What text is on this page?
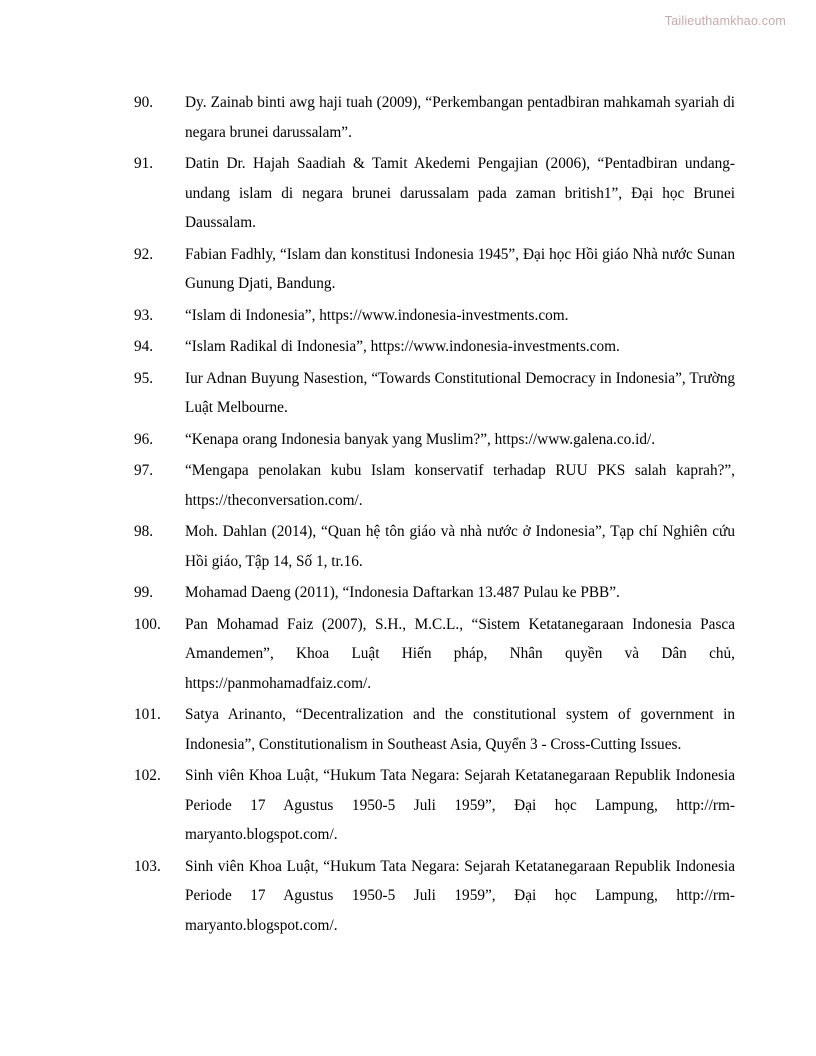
Tailieuthamkhao.com
90.	Dy. Zainab binti awg haji tuah (2009), “Perkembangan pentadbiran mahkamah syariah di negara brunei darussalam”.
91.	Datin Dr. Hajah Saadiah & Tamit Akedemi Pengajian (2006), “Pentadbiran undang-undang islam di negara brunei darussalam pada zaman british1”, Đại học Brunei Daussalam.
92.	Fabian Fadhly, “Islam dan konstitusi Indonesia 1945”, Đại học Hồi giáo Nhà nước Sunan Gunung Djati, Bandung.
93.	“Islam di Indonesia”, https://www.indonesia-investments.com.
94.	“Islam Radikal di Indonesia”, https://www.indonesia-investments.com.
95.	Iur Adnan Buyung Nasestion, “Towards Constitutional Democracy in Indonesia”, Trường Luật Melbourne.
96.	“Kenapa orang Indonesia banyak yang Muslim?”, https://www.galena.co.id/.
97.	“Mengapa penolakan kubu Islam konservatif terhadap RUU PKS salah kaprah?”, https://theconversation.com/.
98.	Moh. Dahlan (2014), “Quan hệ tôn giáo và nhà nước ở Indonesia”, Tạp chí Nghiên cứu Hồi giáo, Tập 14, Số 1, tr.16.
99.	Mohamad Daeng (2011), “Indonesia Daftarkan 13.487 Pulau ke PBB”.
100.	Pan Mohamad Faiz (2007), S.H., M.C.L., “Sistem Ketatanegaraan Indonesia Pasca Amandemen”, Khoa Luật Hiến pháp, Nhân quyền và Dân chủ, https://panmohamadfaiz.com/.
101.	Satya Arinanto, “Decentralization and the constitutional system of government in Indonesia”, Constitutionalism in Southeast Asia, Quyển 3 - Cross-Cutting Issues.
102.	Sinh viên Khoa Luật, “Hukum Tata Negara: Sejarah Ketatanegaraan Republik Indonesia Periode 17 Agustus 1950-5 Juli 1959”, Đại học Lampung, http://rm-maryanto.blogspot.com/.
103.	Sinh viên Khoa Luật, “Hukum Tata Negara: Sejarah Ketatanegaraan Republik Indonesia Periode 17 Agustus 1950-5 Juli 1959”, Đại học Lampung, http://rm-maryanto.blogspot.com/.
